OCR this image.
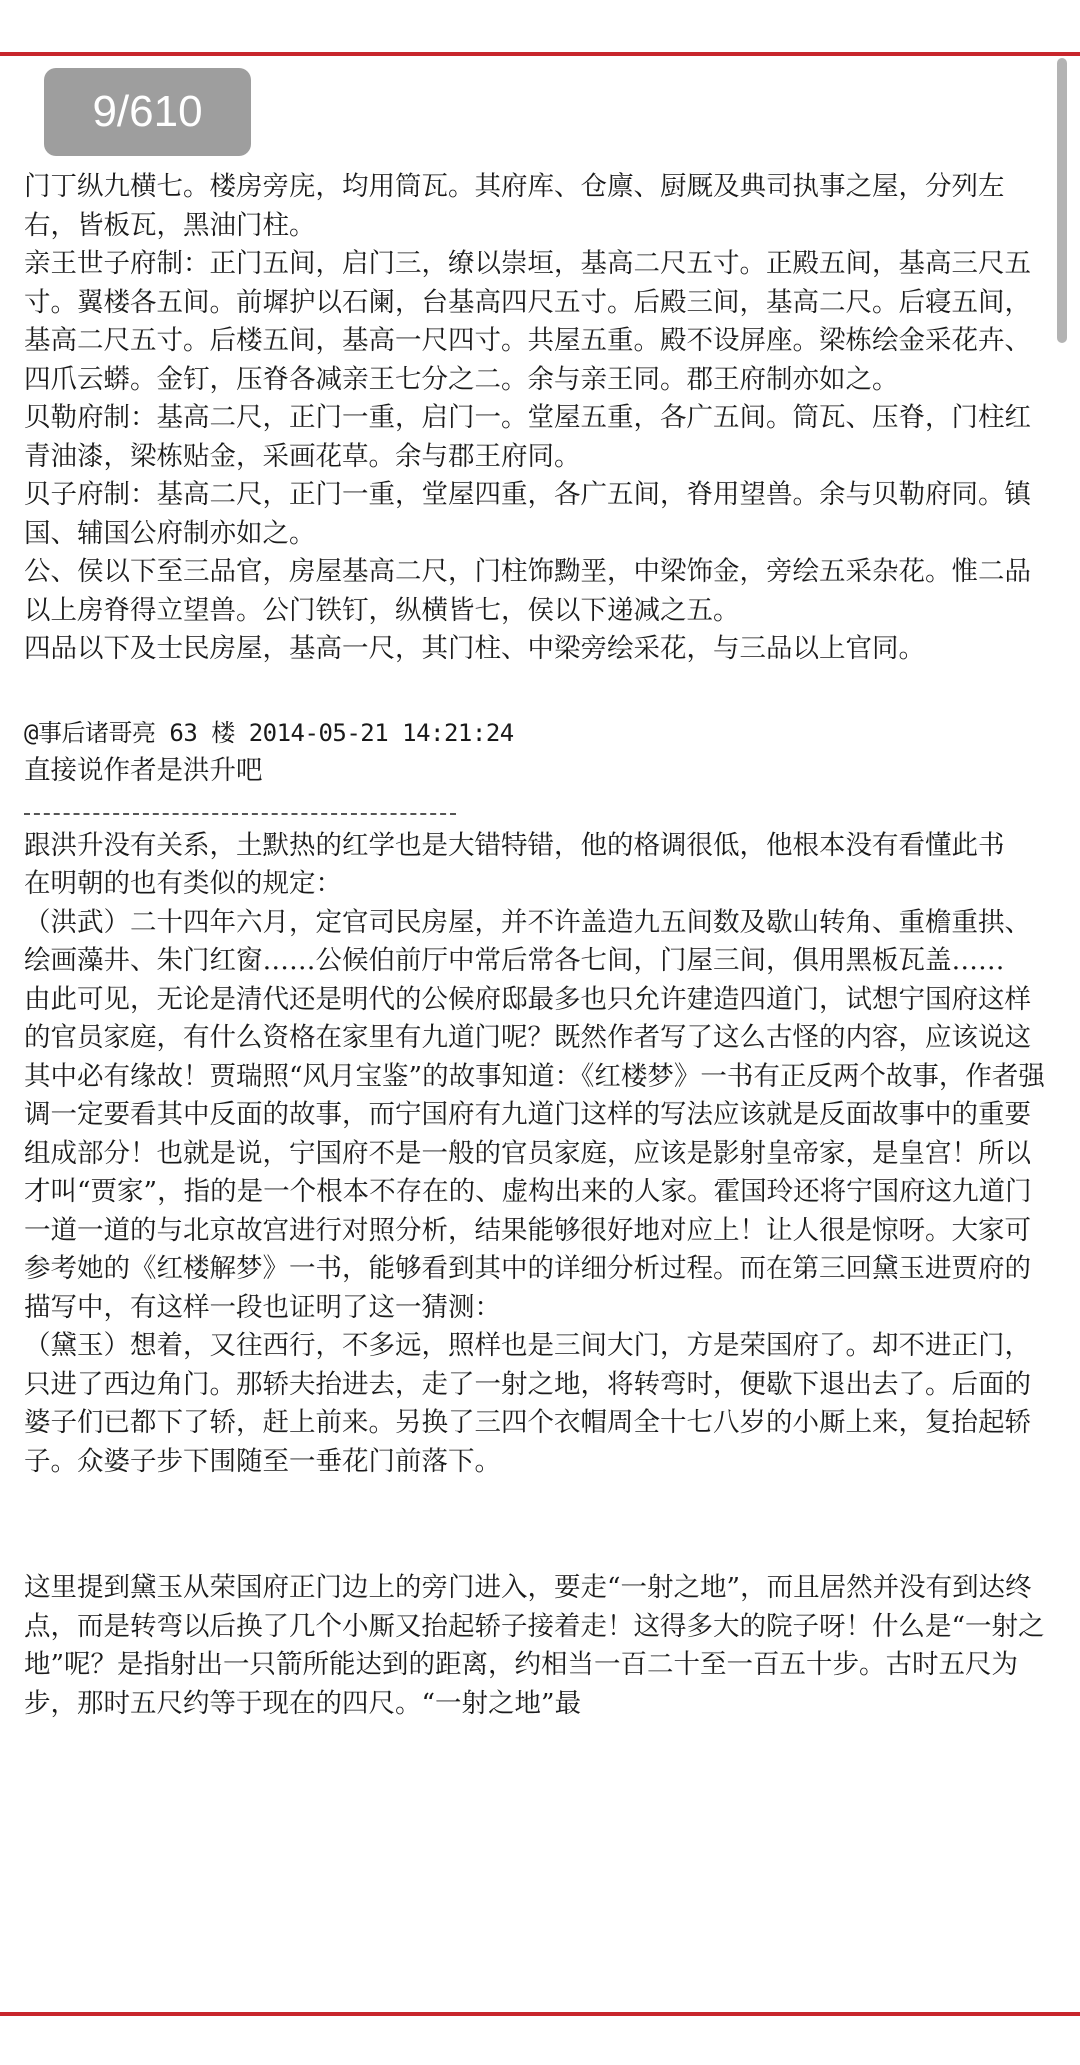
9/610

门丁纵九横七。楼房旁庑，均用筒瓦。其府库、仓廪、厨厩及典司执事之屋，分列左右，皆板瓦，黑油门柱。

亲王世子府制：正门五间，启门三，缭以崇垣，基高二尺五寸。正殿五间，基高三尺五寸。翼楼各五间。前墀护以石阑，台基高四尺五寸。后殿三间，基高二尺。后寝五间，基高二尺五寸。后楼五间，基高一尺四寸。共屋五重。殿不设屏座。梁栋绘金采花卉、四爪云蟒。金钉，压脊各减亲王七分之二。余与亲王同。郡王府制亦如之。

贝勒府制：基高二尺，正门一重，启门一。堂屋五重，各广五间。筒瓦、压脊，门柱红青油漆，梁栋贴金，采画花草。余与郡王府同。

贝子府制：基高二尺，正门一重，堂屋四重，各广五间，脊用望兽。余与贝勒府同。镇国、辅国公府制亦如之。

公、侯以下至三品官，房屋基高二尺，门柱饰黝垩，中梁饰金，旁绘五采杂花。惟二品以上房脊得立望兽。公门铁钉，纵横皆七，侯以下递减之五。

四品以下及士民房屋，基高一尺，其门柱、中梁旁绘采花，与三品以上官同。

@事后诸哥亮 63 楼 2014-05-21 14:21:24

直接说作者是洪升吧

跟洪升没有关系，土默热的红学也是大错特错，他的格调很低，他根本没有看懂此书

在明朝的也有类似的规定：

（洪武）二十四年六月，定官司民房屋，并不许盖造九五间数及歇山转角、重檐重拱、绘画藻井、朱门红窗……公候伯前厅中常后常各七间，门屋三间，俱用黑板瓦盖……

由此可见，无论是清代还是明代的公候府邸最多也只允许建造四道门，试想宁国府这样的官员家庭，有什么资格在家里有九道门呢？既然作者写了这么古怪的内容，应该说这其中必有缘故！贾瑞照“风月宝鉴”的故事知道：《红楼梦》一书有正反两个故事，作者强调一定要看其中反面的故事，而宁国府有九道门这样的写法应该就是反面故事中的重要组成部分！也就是说，宁国府不是一般的官员家庭，应该是影射皇帝家，是皇宫！所以才叫“贾家”，指的是一个根本不存在的、虚构出来的人家。霍国玲还将宁国府这九道门一道一道的与北京故宫进行对照分析，结果能够很好地对应上！让人很是惊呀。大家可参考她的《红楼解梦》一书，能够看到其中的详细分析过程。而在第三回黛玉进贾府的描写中，有这样一段也证明了这一猜测：

（黛玉）想着，又往西行，不多远，照样也是三间大门，方是荣国府了。却不进正门，只进了西边角门。那轿夫抬进去，走了一射之地，将转弯时，便歇下退出去了。后面的婆子们已都下了轿，赶上前来。另换了三四个衣帽周全十七八岁的小厮上来，复抬起轿子。众婆子步下围随至一垂花门前落下。

这里提到黛玉从荣国府正门边上的旁门进入，要走“一射之地”，而且居然并没有到达终点，而是转弯以后换了几个小厮又抬起轿子接着走！这得多大的院子呀！什么是“一射之地”呢？是指射出一只箭所能达到的距离，约相当一百二十至一百五十步。古时五尺为步，那时五尺约等于现在的四尺。“一射之地”最
